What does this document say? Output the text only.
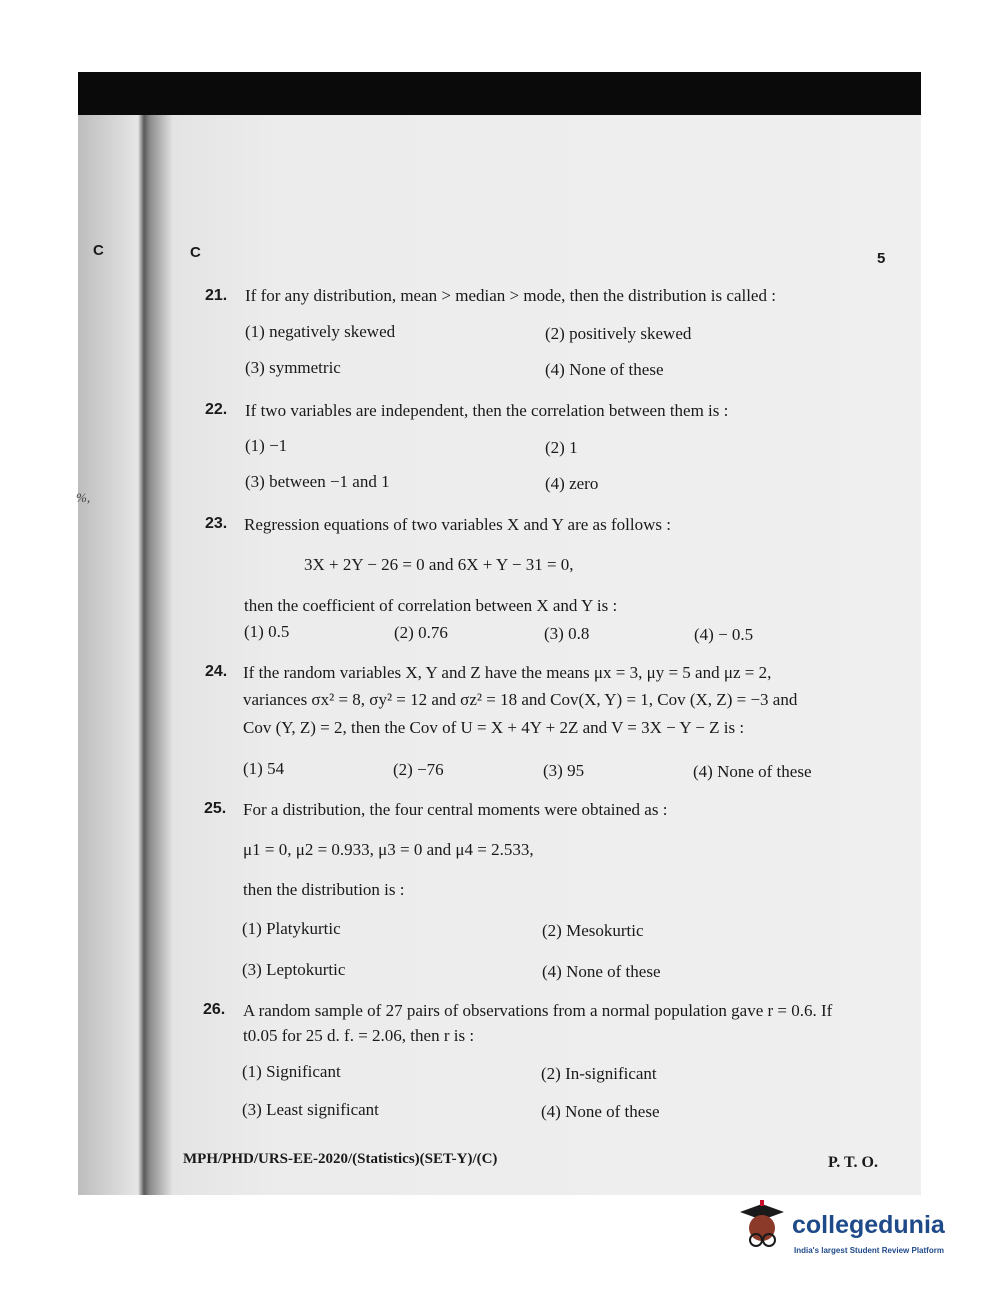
C	C	5
%,
21. If for any distribution, mean > median > mode, then the distribution is called :
(1) negatively skewed	(2) positively skewed
(3) symmetric	(4) None of these
22. If two variables are independent, then the correlation between them is :
(1) −1	(2) 1
(3) between −1 and 1	(4) zero
23. Regression equations of two variables X and Y are as follows :
3X + 2Y − 26 = 0 and 6X + Y − 31 = 0,
then the coefficient of correlation between X and Y is :
(1) 0.5	(2) 0.76	(3) 0.8	(4) − 0.5
24. If the random variables X, Y and Z have the means μx = 3, μy = 5 and μz = 2,
variances σx² = 8, σy² = 12 and σz² = 18 and Cov(X, Y) = 1, Cov (X, Z) = −3 and
Cov (Y, Z) = 2, then the Cov of U = X + 4Y + 2Z and V = 3X − Y − Z is :
(1) 54	(2) −76	(3) 95	(4) None of these
25. For a distribution, the four central moments were obtained as :
μ1 = 0, μ2 = 0.933, μ3 = 0 and μ4 = 2.533,
then the distribution is :
(1) Platykurtic	(2) Mesokurtic
(3) Leptokurtic	(4) None of these
26. A random sample of 27 pairs of observations from a normal population gave r = 0.6. If
t0.05 for 25 d. f. = 2.06, then r is :
(1) Significant	(2) In-significant
(3) Least significant	(4) None of these
MPH/PHD/URS-EE-2020/(Statistics)(SET-Y)/(C)	P. T. O.
collegedunia
India's largest Student Review Platform
